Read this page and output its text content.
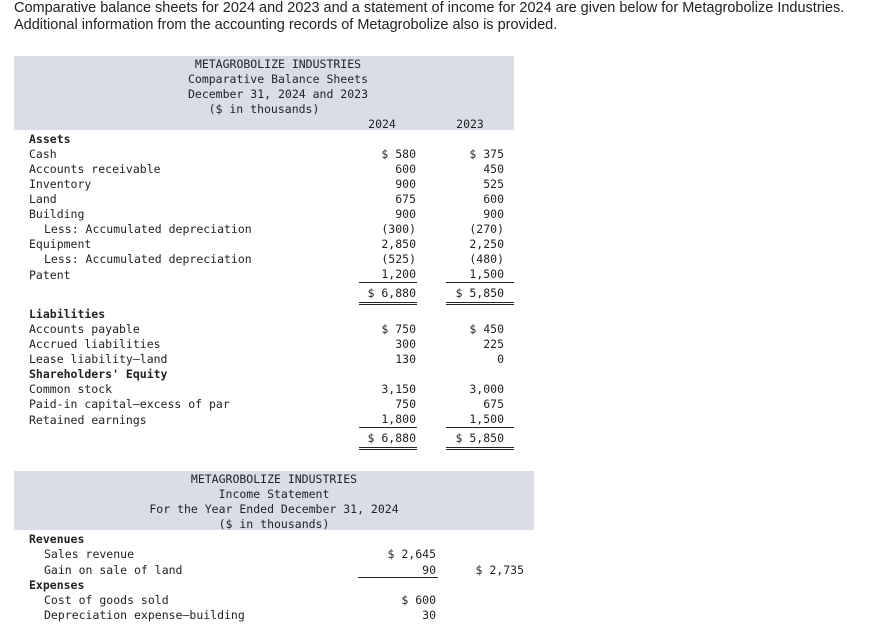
Comparative balance sheets for 2024 and 2023 and a statement of income for 2024 are given below for Metagrobolize Industries. Additional information from the accounting records of Metagrobolize also is provided.
METAGROBOLIZE INDUSTRIES
Comparative Balance Sheets
December 31, 2024 and 2023
($ in thousands)
2024	2023
Assets
Cash	$ 580	$ 375
Accounts receivable	600	450
Inventory	900	525
Land	675	600
Building	900	900
Less: Accumulated depreciation	(300)	(270)
Equipment	2,850	2,250
Less: Accumulated depreciation	(525)	(480)
Patent	1,200	1,500
$ 6,880	$ 5,850
Liabilities
Accounts payable	$ 750	$ 450
Accrued liabilities	300	225
Lease liability—land	130	0
Shareholders' Equity
Common stock	3,150	3,000
Paid-in capital—excess of par	750	675
Retained earnings	1,800	1,500
$ 6,880	$ 5,850
METAGROBOLIZE INDUSTRIES
Income Statement
For the Year Ended December 31, 2024
($ in thousands)
Revenues
Sales revenue	$ 2,645
Gain on sale of land	90	$ 2,735
Expenses
Cost of goods sold	$ 600
Depreciation expense—building	30
